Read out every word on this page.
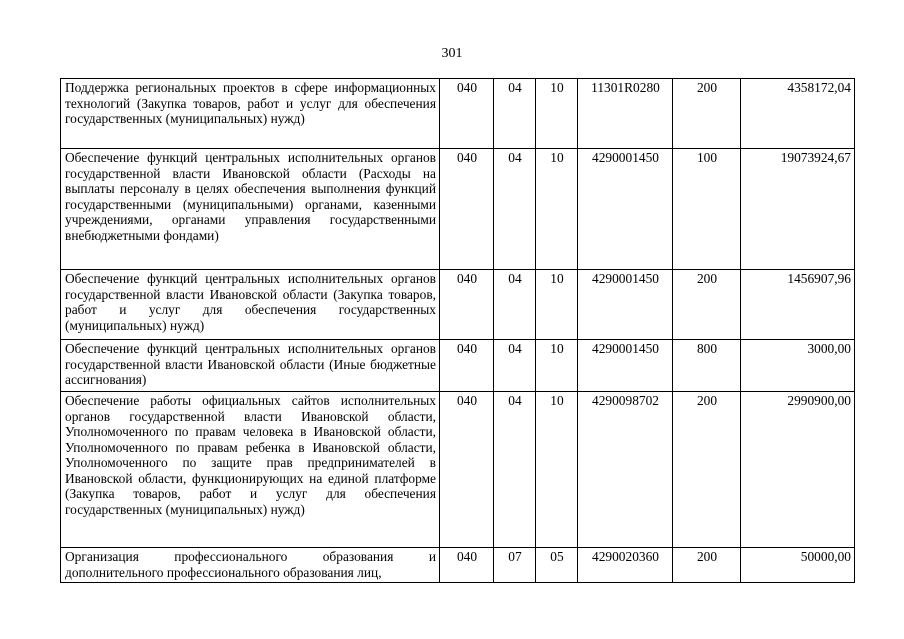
301
Поддержка региональных проектов в сфере информационных технологий (Закупка товаров, работ и услуг для обеспечения государственных (муниципальных) нужд)	040	04	10	11301R0280	200	4358172,04
Обеспечение функций центральных исполнительных органов государственной власти Ивановской области (Расходы на выплаты персоналу в целях обеспечения выполнения функций государственными (муниципальными) органами, казенными учреждениями, органами управления государственными внебюджетными фондами)	040	04	10	4290001450	100	19073924,67
Обеспечение функций центральных исполнительных органов государственной власти Ивановской области (Закупка товаров, работ и услуг для обеспечения государственных (муниципальных) нужд)	040	04	10	4290001450	200	1456907,96
Обеспечение функций центральных исполнительных органов государственной власти Ивановской области (Иные бюджетные ассигнования)	040	04	10	4290001450	800	3000,00
Обеспечение работы официальных сайтов исполнительных органов государственной власти Ивановской области, Уполномоченного по правам человека в Ивановской области, Уполномоченного по правам ребенка в Ивановской области, Уполномоченного по защите прав предпринимателей в Ивановской области, функционирующих на единой платформе (Закупка товаров, работ и услуг для обеспечения государственных (муниципальных) нужд)	040	04	10	4290098702	200	2990900,00
Организация профессионального образования и дополнительного профессионального образования лиц,	040	07	05	4290020360	200	50000,00
